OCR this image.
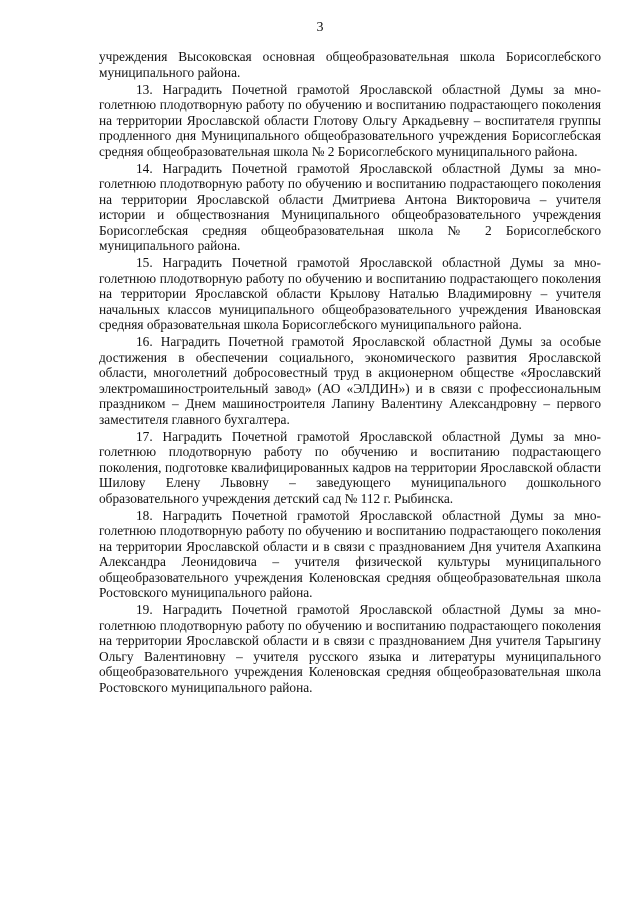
3

учреждения Высоковская основная общеобразовательная школа Борисоглебского муниципального района.

13. Наградить Почетной грамотой Ярославской областной Думы за многолетнюю плодотворную работу по обучению и воспитанию подрастающего поколения на территории Ярославской области Глотову Ольгу Аркадьевну – воспитателя группы продленного дня Муниципального общеобразовательного учреждения Борисоглебская средняя общеобразовательная школа № 2 Борисоглебского муниципального района.

14. Наградить Почетной грамотой Ярославской областной Думы за многолетнюю плодотворную работу по обучению и воспитанию подрастающего поколения на территории Ярославской области Дмитриева Антона Викторовича – учителя истории и обществознания Муниципального общеобразовательного учреждения Борисоглебская средняя общеобразовательная школа № 2 Борисоглебского муниципального района.

15. Наградить Почетной грамотой Ярославской областной Думы за многолетнюю плодотворную работу по обучению и воспитанию подрастающего поколения на территории Ярославской области Крылову Наталью Владимировну – учителя начальных классов муниципального общеобразовательного учреждения Ивановская средняя образовательная школа Борисоглебского муниципального района.

16. Наградить Почетной грамотой Ярославской областной Думы за особые достижения в обеспечении социального, экономического развития Ярославской области, многолетний добросовестный труд в акционерном обществе «Ярославский электромашиностроительный завод» (АО «ЭЛДИН») и в связи с профессиональным праздником – Днем машиностроителя Лапину Валентину Александровну – первого заместителя главного бухгалтера.

17. Наградить Почетной грамотой Ярославской областной Думы за многолетнюю плодотворную работу по обучению и воспитанию подрастающего поколения, подготовке квалифицированных кадров на территории Ярославской области Шилову Елену Львовну – заведующего муниципального дошкольного образовательного учреждения детский сад № 112 г. Рыбинска.

18. Наградить Почетной грамотой Ярославской областной Думы за многолетнюю плодотворную работу по обучению и воспитанию подрастающего поколения на территории Ярославской области и в связи с празднованием Дня учителя Ахапкина Александра Леонидовича – учителя физической культуры муниципального общеобразовательного учреждения Коленовская средняя общеобразовательная школа Ростовского муниципального района.

19. Наградить Почетной грамотой Ярославской областной Думы за многолетнюю плодотворную работу по обучению и воспитанию подрастающего поколения на территории Ярославской области и в связи с празднованием Дня учителя Тарыгину Ольгу Валентиновну – учителя русского языка и литературы муниципального общеобразовательного учреждения Коленовская средняя общеобразовательная школа Ростовского муниципального района.
